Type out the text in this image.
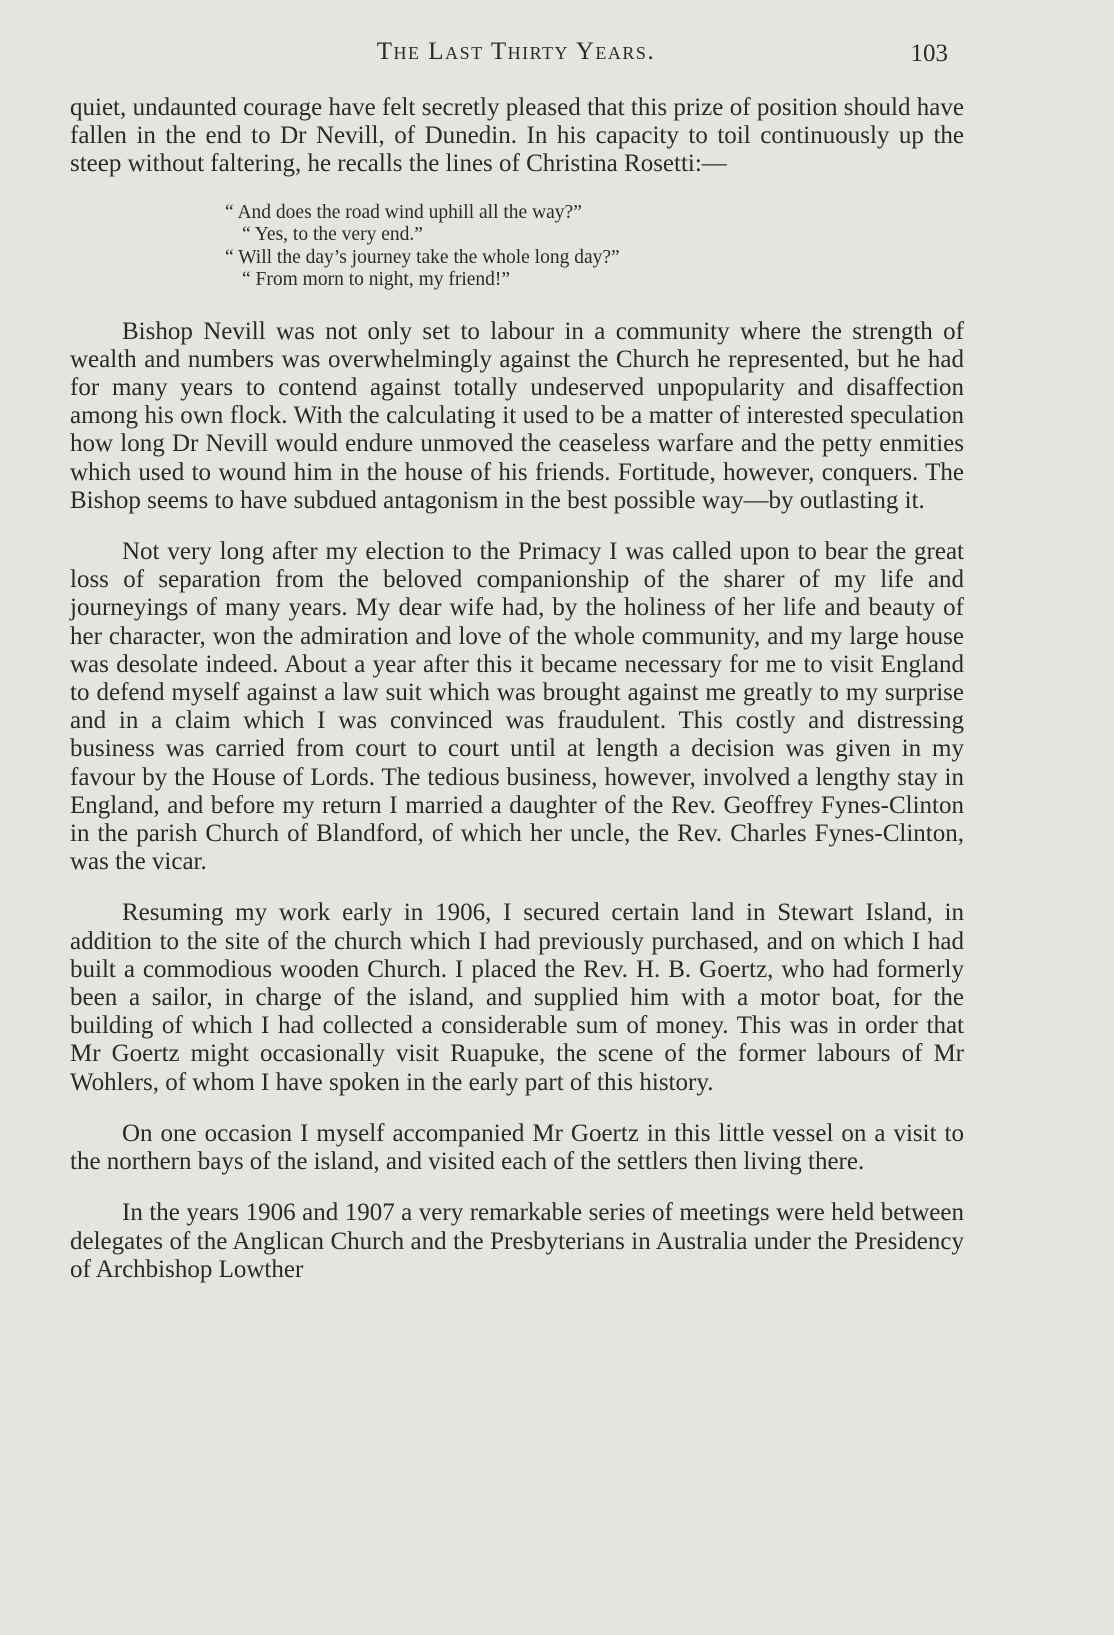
The Last Thirty Years.	103

quiet, undaunted courage have felt secretly pleased that this prize of position should have fallen in the end to Dr Nevill, of Dunedin. In his capacity to toil continuously up the steep without faltering, he recalls the lines of Christina Rosetti:—

“ And does the road wind uphill all the way?”
“ Yes, to the very end.”
“ Will the day’s journey take the whole long day?”
“ From morn to night, my friend!”

Bishop Nevill was not only set to labour in a community where the strength of wealth and numbers was overwhelmingly against the Church he represented, but he had for many years to contend against totally undeserved unpopularity and disaffection among his own flock. With the calculating it used to be a matter of interested speculation how long Dr Nevill would endure unmoved the ceaseless warfare and the petty enmities which used to wound him in the house of his friends. Fortitude, however, conquers. The Bishop seems to have subdued antagonism in the best possible way—by outlasting it.

Not very long after my election to the Primacy I was called upon to bear the great loss of separation from the beloved companionship of the sharer of my life and journeyings of many years. My dear wife had, by the holiness of her life and beauty of her character, won the admiration and love of the whole community, and my large house was desolate indeed. About a year after this it became necessary for me to visit England to defend myself against a law suit which was brought against me greatly to my surprise and in a claim which I was convinced was fraudulent. This costly and distressing business was carried from court to court until at length a decision was given in my favour by the House of Lords. The tedious business, however, involved a lengthy stay in England, and before my return I married a daughter of the Rev. Geoffrey Fynes-Clinton in the parish Church of Blandford, of which her uncle, the Rev. Charles Fynes-Clinton, was the vicar.

Resuming my work early in 1906, I secured certain land in Stewart Island, in addition to the site of the church which I had previously purchased, and on which I had built a commodious wooden Church. I placed the Rev. H. B. Goertz, who had formerly been a sailor, in charge of the island, and supplied him with a motor boat, for the building of which I had collected a considerable sum of money. This was in order that Mr Goertz might occasionally visit Ruapuke, the scene of the former labours of Mr Wohlers, of whom I have spoken in the early part of this history.

On one occasion I myself accompanied Mr Goertz in this little vessel on a visit to the northern bays of the island, and visited each of the settlers then living there.

In the years 1906 and 1907 a very remarkable series of meetings were held between delegates of the Anglican Church and the Presbyterians in Australia under the Presidency of Archbishop Lowther
